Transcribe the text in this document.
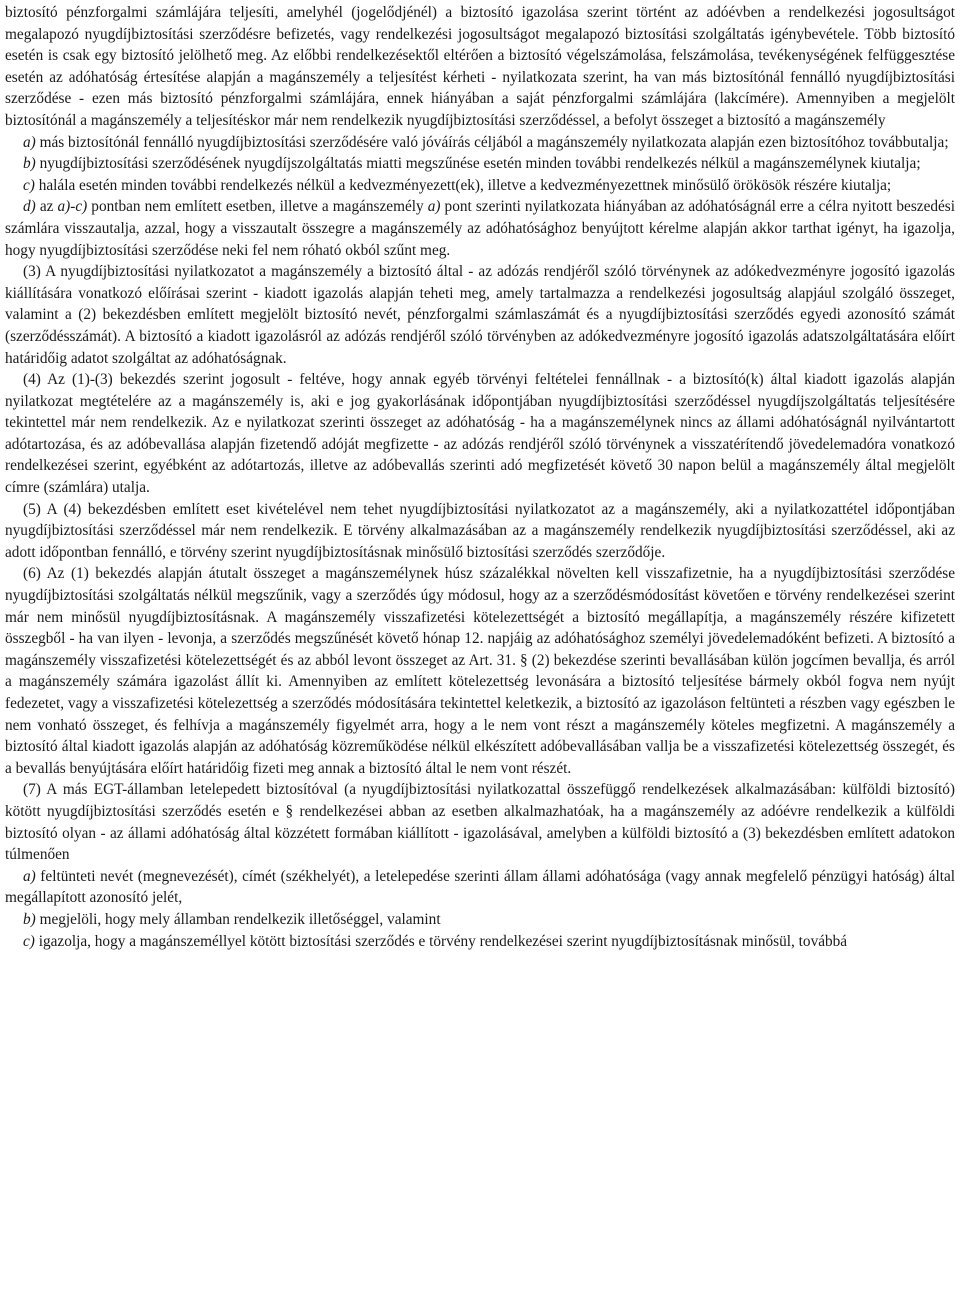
biztosító pénzforgalmi számlájára teljesíti, amelyhél (jogelődjénél) a biztosító igazolása szerint történt az adóévben a rendelkezési jogosultságot megalapozó nyugdíjbiztosítási szerződésre befizetés, vagy rendelkezési jogosultságot megalapozó biztosítási szolgáltatás igénybevétele. Több biztosító esetén is csak egy biztosító jelölhető meg. Az előbbi rendelkezésektől eltérően a biztosító végelszámolása, felszámolása, tevékenységének felfüggesztése esetén az adóhatóság értesítése alapján a magánszemély a teljesítést kérheti - nyilatkozata szerint, ha van más biztosítónál fennálló nyugdíjbiztosítási szerződése - ezen más biztosító pénzforgalmi számlájára, ennek hiányában a saját pénzforgalmi számlájára (lakcímére). Amennyiben a megjelölt biztosítónál a magánszemély a teljesítéskor már nem rendelkezik nyugdíjbiztosítási szerződéssel, a befolyt összeget a biztosító a magánszemély

a) más biztosítónál fennálló nyugdíjbiztosítási szerződésére való jóváírás céljából a magánszemély nyilatkozata alapján ezen biztosítóhoz továbbutalja;

b) nyugdíjbiztosítási szerződésének nyugdíjszolgáltatás miatti megszűnése esetén minden további rendelkezés nélkül a magánszemélynek kiutalja;

c) halála esetén minden további rendelkezés nélkül a kedvezményezett(ek), illetve a kedvezményezettnek minősülő örökösök részére kiutalja;

d) az a)-c) pontban nem említett esetben, illetve a magánszemély a) pont szerinti nyilatkozata hiányában az adóhatóságnál erre a célra nyitott beszedési számlára visszautalja, azzal, hogy a visszautalt összegre a magánszemély az adóhatósághoz benyújtott kérelme alapján akkor tarthat igényt, ha igazolja, hogy nyugdíjbiztosítási szerződése neki fel nem róható okból szűnt meg.

(3) A nyugdíjbiztosítási nyilatkozatot a magánszemély a biztosító által - az adózás rendjéről szóló törvénynek az adókedvezményre jogosító igazolás kiállítására vonatkozó előírásai szerint - kiadott igazolás alapján teheti meg, amely tartalmazza a rendelkezési jogosultság alapjául szolgáló összeget, valamint a (2) bekezdésben említett megjelölt biztosító nevét, pénzforgalmi számlaszámát és a nyugdíjbiztosítási szerződés egyedi azonosító számát (szerződésszámát). A biztosító a kiadott igazolásról az adózás rendjéről szóló törvényben az adókedvezményre jogosító igazolás adatszolgáltatására előírt határidőig adatot szolgáltat az adóhatóságnak.

(4) Az (1)-(3) bekezdés szerint jogosult - feltéve, hogy annak egyéb törvényi feltételei fennállnak - a biztosító(k) által kiadott igazolás alapján nyilatkozat megtételére az a magánszemély is, aki e jog gyakorlásának időpontjában nyugdíjbiztosítási szerződéssel nyugdíjszolgáltatás teljesítésére tekintettel már nem rendelkezik. Az e nyilatkozat szerinti összeget az adóhatóság - ha a magánszemélynek nincs az állami adóhatóságnál nyilvántartott adótartozása, és az adóbevallása alapján fizetendő adóját megfizette - az adózás rendjéről szóló törvénynek a visszatérítendő jövedelemadóra vonatkozó rendelkezései szerint, egyébként az adótartozás, illetve az adóbevallás szerinti adó megfizetését követő 30 napon belül a magánszemély által megjelölt címre (számlára) utalja.

(5) A (4) bekezdésben említett eset kivételével nem tehet nyugdíjbiztosítási nyilatkozatot az a magánszemély, aki a nyilatkozattétel időpontjában nyugdíjbiztosítási szerződéssel már nem rendelkezik. E törvény alkalmazásában az a magánszemély rendelkezik nyugdíjbiztosítási szerződéssel, aki az adott időpontban fennálló, e törvény szerint nyugdíjbiztosításnak minősülő biztosítási szerződés szerződője.

(6) Az (1) bekezdés alapján átutalt összeget a magánszemélynek húsz százalékkal növelten kell visszafizetnie, ha a nyugdíjbiztosítási szerződése nyugdíjbiztosítási szolgáltatás nélkül megszűnik, vagy a szerződés úgy módosul, hogy az a szerződésmódosítást követően e törvény rendelkezései szerint már nem minősül nyugdíjbiztosításnak. A magánszemély visszafizetési kötelezettségét a biztosító megállapítja, a magánszemély részére kifizetett összegből - ha van ilyen - levonja, a szerződés megszűnését követő hónap 12. napjáig az adóhatósághoz személyi jövedelemadóként befizeti. A biztosító a magánszemély visszafizetési kötelezettségét és az abból levont összeget az Art. 31. § (2) bekezdése szerinti bevallásában külön jogcímen bevallja, és arról a magánszemély számára igazolást állít ki. Amennyiben az említett kötelezettség levonására a biztosító teljesítése bármely okból fogva nem nyújt fedezetet, vagy a visszafizetési kötelezettség a szerződés módosítására tekintettel keletkezik, a biztosító az igazoláson feltünteti a részben vagy egészben le nem vonható összeget, és felhívja a magánszemély figyelmét arra, hogy a le nem vont részt a magánszemély köteles megfizetni. A magánszemély a biztosító által kiadott igazolás alapján az adóhatóság közreműködése nélkül elkészített adóbevallásában vallja be a visszafizetési kötelezettség összegét, és a bevallás benyújtására előírt határidőig fizeti meg annak a biztosító által le nem vont részét.

(7) A más EGT-államban letelepedett biztosítóval (a nyugdíjbiztosítási nyilatkozattal összefüggő rendelkezések alkalmazásában: külföldi biztosító) kötött nyugdíjbiztosítási szerződés esetén e § rendelkezései abban az esetben alkalmazhatóak, ha a magánszemély az adóévre rendelkezik a külföldi biztosító olyan - az állami adóhatóság által közzétett formában kiállított - igazolásával, amelyben a külföldi biztosító a (3) bekezdésben említett adatokon túlmenően

a) feltünteti nevét (megnevezését), címét (székhelyét), a letelepedése szerinti állam állami adóhatósága (vagy annak megfelelő pénzügyi hatóság) által megállapított azonosító jelét,

b) megjelöli, hogy mely államban rendelkezik illetőséggel, valamint

c) igazolja, hogy a magánszeméllyel kötött biztosítási szerződés e törvény rendelkezései szerint nyugdíjbiztosításnak minősül, továbbá
